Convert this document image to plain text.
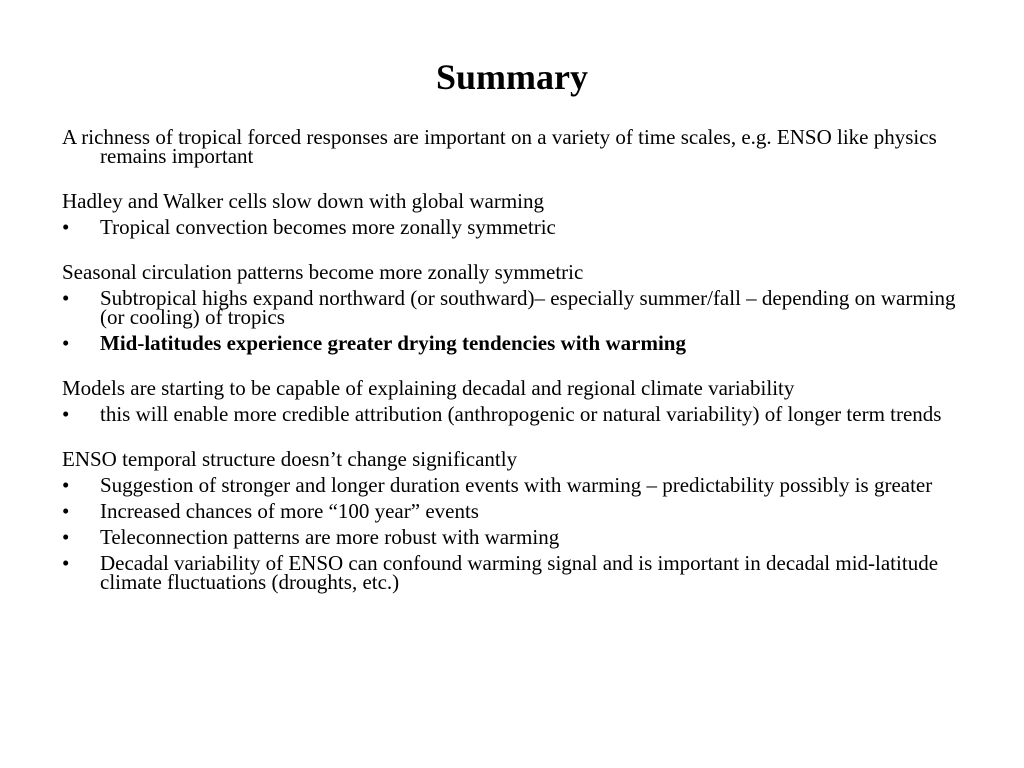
Summary

A richness of tropical forced responses are important on a variety of time scales, e.g. ENSO like physics remains important

Hadley and Walker cells slow down with global warming

• Tropical convection becomes more zonally symmetric

Seasonal circulation patterns become more zonally symmetric

• Subtropical highs expand northward (or southward)– especially summer/fall – depending on warming (or cooling) of tropics
• Mid-latitudes experience greater drying tendencies with warming

Models are starting to be capable of explaining decadal and regional climate variability

• this will enable more credible attribution (anthropogenic or natural variability) of longer term trends

ENSO temporal structure doesn’t change significantly

• Suggestion of stronger and longer duration events with warming – predictability possibly is greater
• Increased chances of more “100 year” events
• Teleconnection patterns are more robust with warming
• Decadal variability of ENSO can confound warming signal and is important in decadal mid-latitude climate fluctuations (droughts, etc.)
